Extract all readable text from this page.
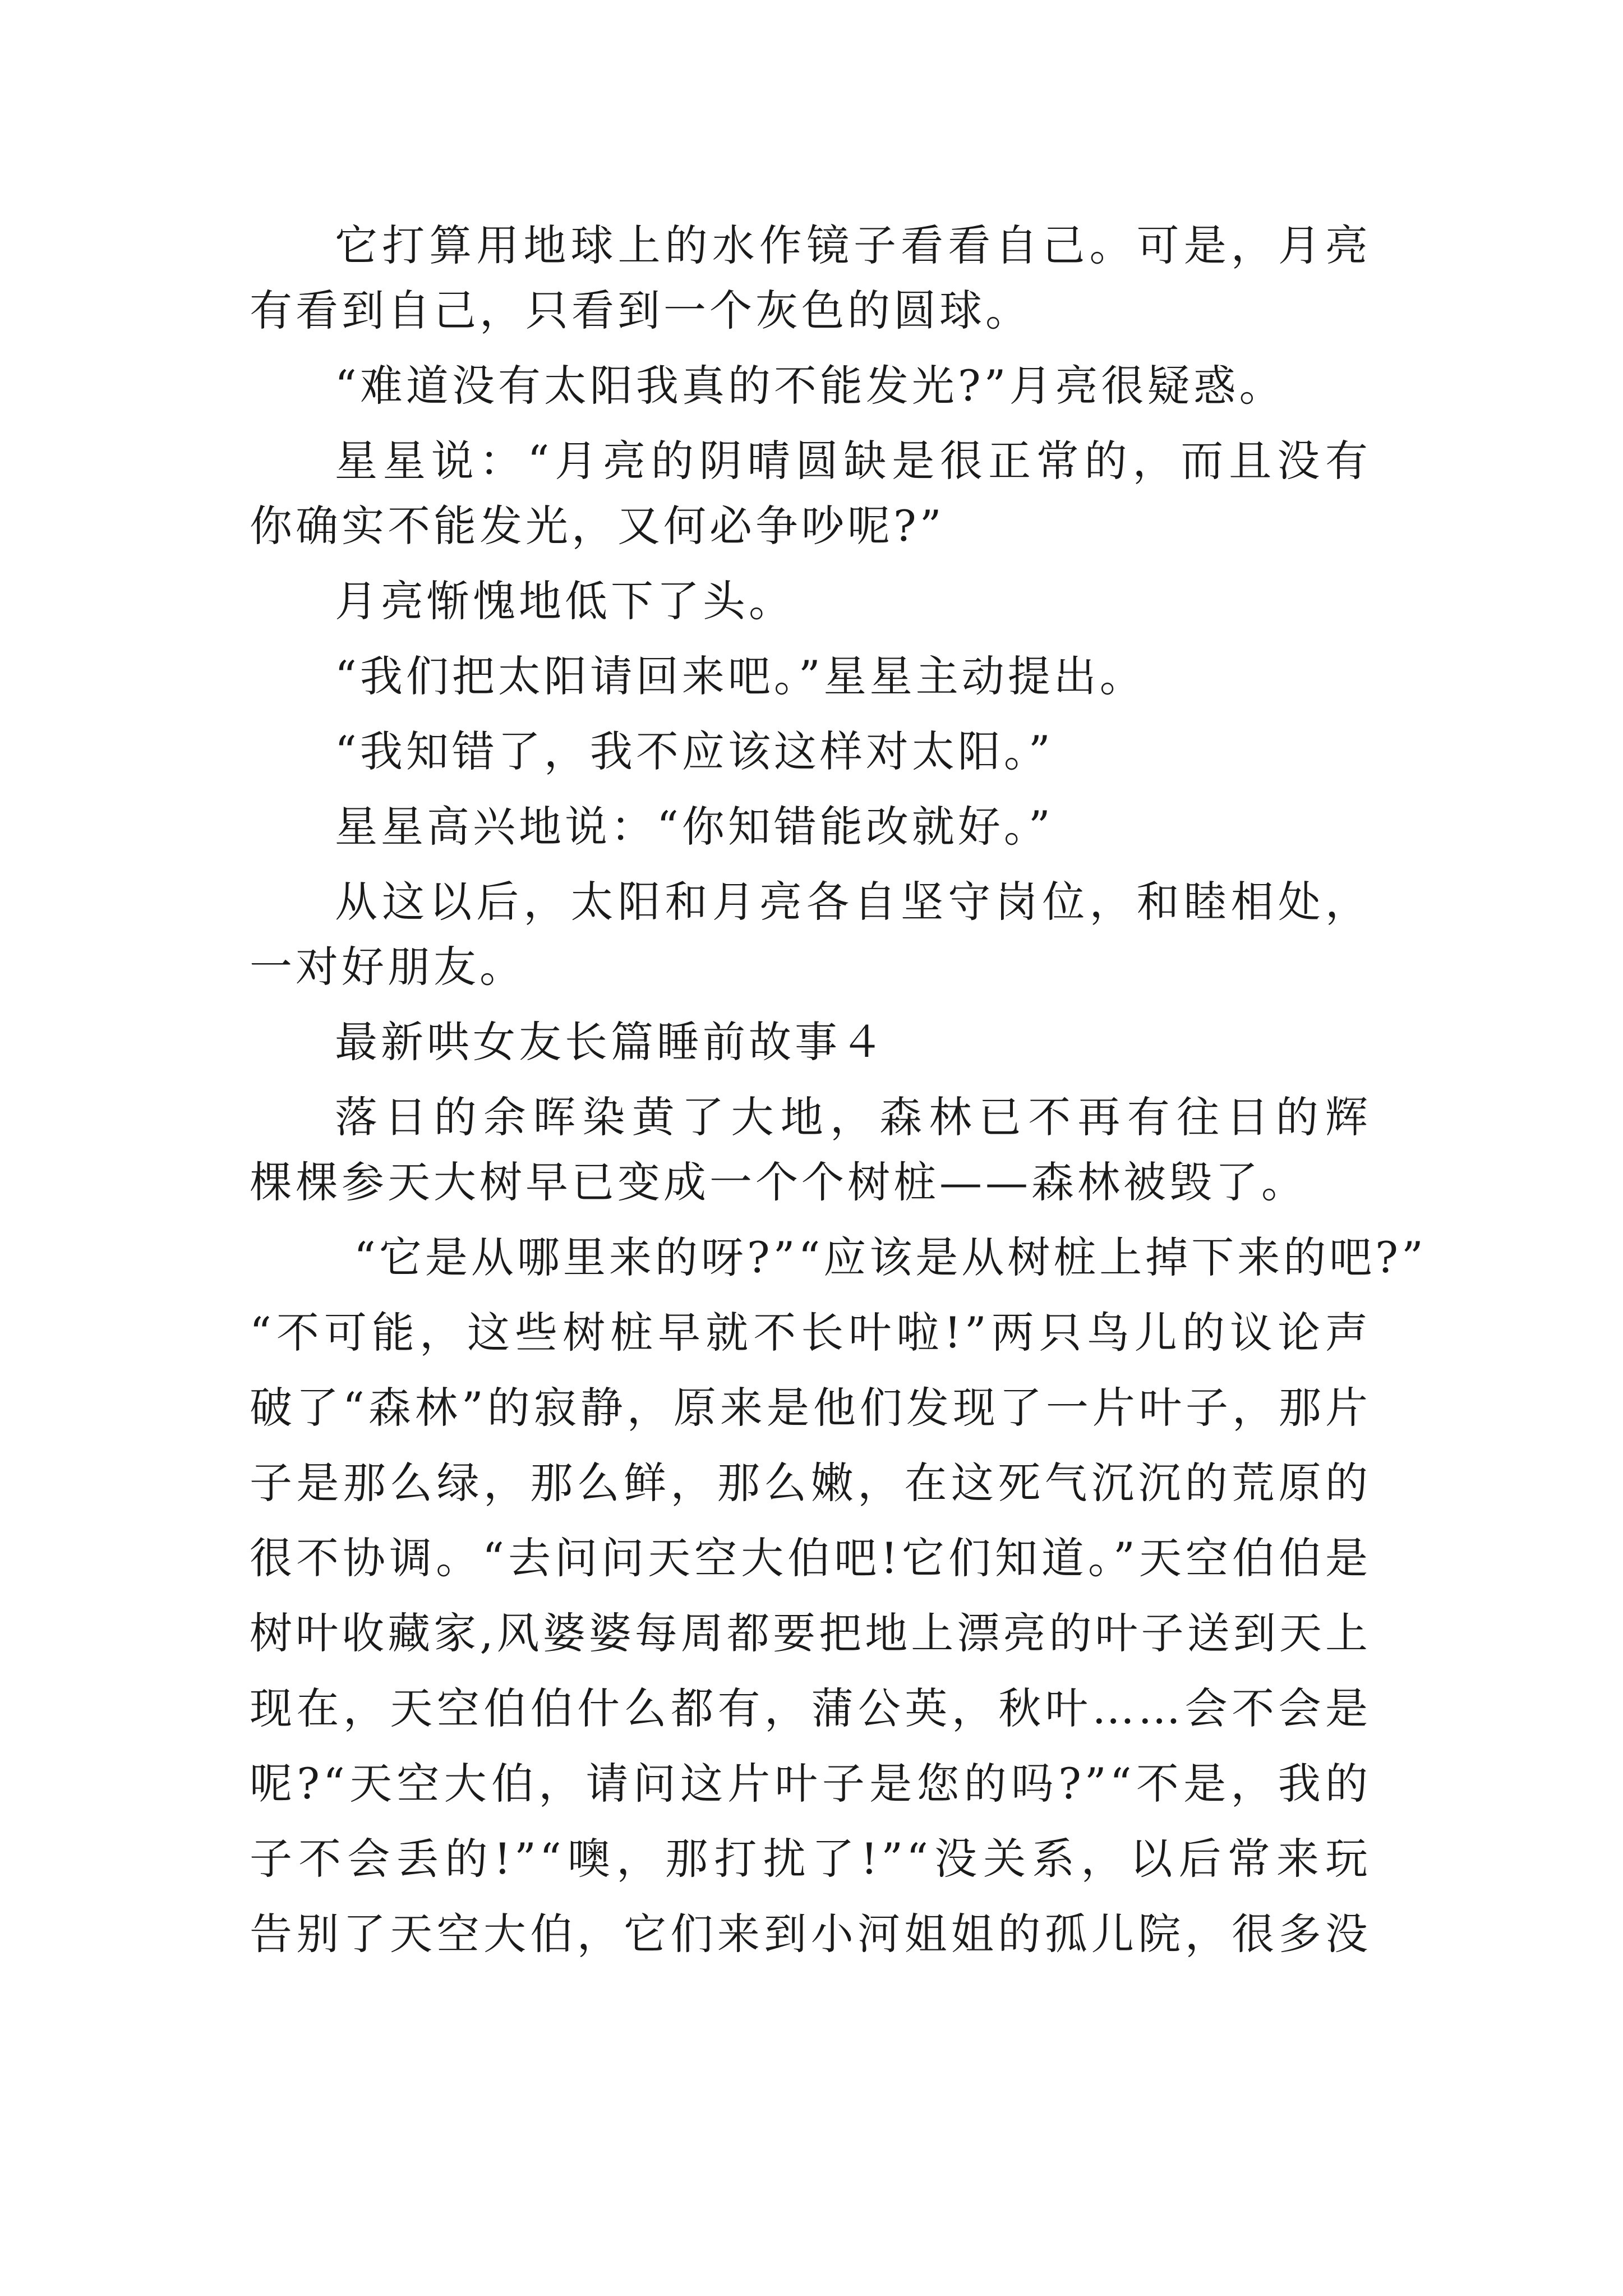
它打算用地球上的水作镜子看看自己。可是，月亮
有看到自己，只看到一个灰色的圆球。
“难道没有太阳我真的不能发光?”月亮很疑惑。
星星说：“月亮的阴晴圆缺是很正常的，而且没有
你确实不能发光，又何必争吵呢?”
月亮惭愧地低下了头。
“我们把太阳请回来吧。”星星主动提出。
“我知错了，我不应该这样对太阳。”
星星高兴地说：“你知错能改就好。”
从这以后，太阳和月亮各自坚守岗位，和睦相处，
一对好朋友。
最新哄女友长篇睡前故事４
落日的余晖染黄了大地，森林已不再有往日的辉
棵棵参天大树早已变成一个个树桩——森林被毁了。
“它是从哪里来的呀?”“应该是从树桩上掉下来的吧?”
“不可能，这些树桩早就不长叶啦!”两只鸟儿的议论声
破了“森林”的寂静，原来是他们发现了一片叶子，那片
子是那么绿，那么鲜，那么嫩，在这死气沉沉的荒原的
很不协调。“去问问天空大伯吧!它们知道。”天空伯伯是
树叶收藏家,风婆婆每周都要把地上漂亮的叶子送到天上
现在，天空伯伯什么都有，蒲公英，秋叶……会不会是
呢?“天空大伯，请问这片叶子是您的吗?”“不是，我的
子不会丢的!”“噢，那打扰了!”“没关系，以后常来玩
告别了天空大伯，它们来到小河姐姐的孤儿院，很多没
